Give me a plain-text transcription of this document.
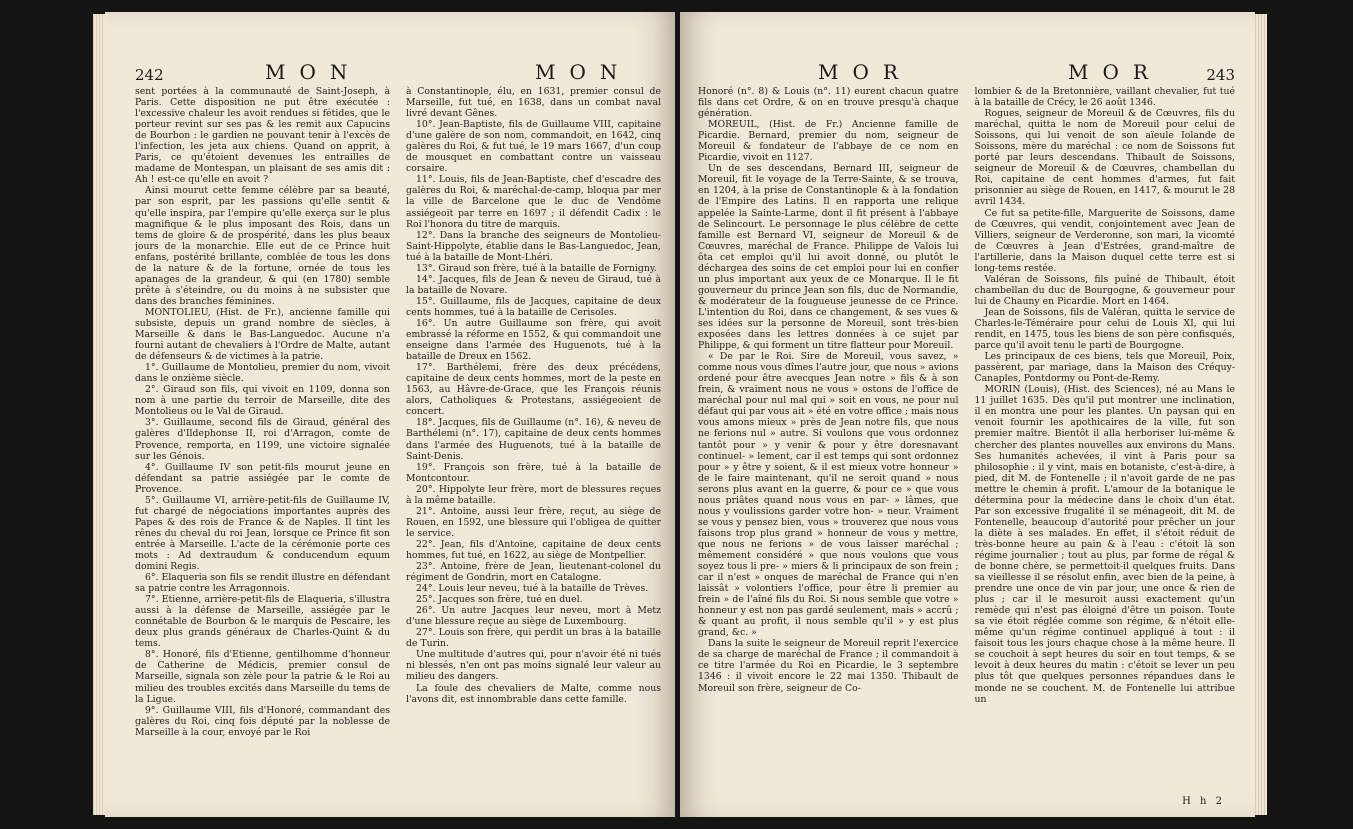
242	MON	MON

sent portées à la communauté de Saint-Joseph, à Paris. Cette disposition ne put être exécutée : l'excessive chaleur les avoit rendues si fétides, que le porteur revint sur ses pas & les remit aux Capucins de Bourbon : le gardien ne pouvant tenir à l'excès de l'infection, les jeta aux chiens. Quand on apprit, à Paris, ce qu'étoient devenues les entrailles de madame de Montespan, un plaisant de ses amis dit : Ah ! est-ce qu'elle en avoit ?

Ainsi mourut cette femme célèbre par sa beauté, par son esprit, par les passions qu'elle sentit & qu'elle inspira, par l'empire qu'elle exerça sur le plus magnifique & le plus imposant des Rois, dans un tems de gloire & de prospérité, dans les plus beaux jours de la monarchie. Elle eut de ce Prince huit enfans, postérité brillante, comblée de tous les dons de la nature & de la fortune, ornée de tous les apanages de la grandeur, & qui (en 1780) semble prête à s'éteindre, ou du moins à ne subsister que dans des branches féminines.

MONTOLIEU, (Hist. de Fr.), ancienne famille qui subsiste, depuis un grand nombre de siècles, à Marseille & dans le Bas-Languedoc. Aucune n'a fourni autant de chevaliers à l'Ordre de Malte, autant de défenseurs & de victimes à la patrie.

1°. Guillaume de Montolieu, premier du nom, vivoit dans le onzième siècle.

2°. Giraud son fils, qui vivoit en 1109, donna son nom à une partie du terroir de Marseille, dite des Montolieus ou le Val de Giraud.

3°. Guillaume, second fils de Giraud, général des galères d'Ildephonse II, roi d'Arragon, comte de Provence, remporta, en 1199, une victoire signalée sur les Génois.

4°. Guillaume IV son petit-fils mourut jeune en défendant sa patrie assiégée par le comte de Provence.

5°. Guillaume VI, arrière-petit-fils de Guillaume IV, fut chargé de négociations importantes auprès des Papes & des rois de France & de Naples. Il tint les rênes du cheval du roi Jean, lorsque ce Prince fit son entrée à Marseille. L'acte de la cérémonie porte ces mots : Ad dextraudum & conducendum equum domini Regis.

6°. Elaqueria son fils se rendit illustre en défendant sa patrie contre les Arragonnois.

7°. Etienne, arrière-petit-fils de Elaqueria, s'illustra aussi à la défense de Marseille, assiégée par le connétable de Bourbon & le marquis de Pescaire, les deux plus grands généraux de Charles-Quint & du tems.

8°. Honoré, fils d'Etienne, gentilhomme d'honneur de Catherine de Médicis, premier consul de Marseille, signala son zèle pour la patrie & le Roi au milieu des troubles excités dans Marseille du tems de la Ligue.

9°. Guillaume VIII, fils d'Honoré, commandant des galères du Roi, cinq fois député par la noblesse de Marseille à la cour, envoyé par le Roi

à Constantinople, élu, en 1631, premier consul de Marseille, fut tué, en 1638, dans un combat naval livré devant Gênes.

10°. Jean-Baptiste, fils de Guillaume VIII, capitaine d'une galère de son nom, commandoit, en 1642, cinq galères du Roi, & fut tué, le 19 mars 1667, d'un coup de mousquet en combattant contre un vaisseau corsaire.

11°. Louis, fils de Jean-Baptiste, chef d'escadre des galères du Roi, & maréchal-de-camp, bloqua par mer la ville de Barcelone que le duc de Vendôme assiégeoit par terre en 1697 ; il défendit Cadix : le Roi l'honora du titre de marquis.

12°. Dans la branche des seigneurs de Montolieu-Saint-Hippolyte, établie dans le Bas-Languedoc, Jean, tué à la bataille de Mont-Lhéri.

13°. Giraud son frère, tué à la bataille de Fornigny.

14°. Jacques, fils de Jean & neveu de Giraud, tué à la bataille de Novare.

15°. Guillaume, fils de Jacques, capitaine de deux cents hommes, tué à la bataille de Cerisoles.

16°. Un autre Guillaume son frère, qui avoit embrassé la réforme en 1552, & qui commandoit une enseigne dans l'armée des Huguenots, tué à la bataille de Dreux en 1562.

17°. Barthélemi, frère des deux précédens, capitaine de deux cents hommes, mort de la peste en 1563, au Hâvre-de-Grace, que les François réunis alors, Catholiques & Protestans, assiégeoient de concert.

18°. Jacques, fils de Guillaume (n°. 16), & neveu de Barthélemi (n°. 17), capitaine de deux cents hommes dans l'armée des Huguenots, tué à la bataille de Saint-Denis.

19°. François son frère, tué à la bataille de Montcontour.

20°. Hippolyte leur frère, mort de blessures reçues à la même bataille.

21°. Antoine, aussi leur frère, reçut, au siège de Rouen, en 1592, une blessure qui l'obligea de quitter le service.

22°. Jean, fils d'Antoine, capitaine de deux cents hommes, fut tué, en 1622, au siège de Montpellier.

23°. Antoine, frère de Jean, lieutenant-colonel du régiment de Gondrin, mort en Catalogne.

24°. Louis leur neveu, tué à la bataille de Trèves.

25°. Jacques son frère, tué en duel.

26°. Un autre Jacques leur neveu, mort à Metz d'une blessure reçue au siège de Luxembourg.

27°. Louis son frère, qui perdit un bras à la bataille de Turin.

Une multitude d'autres qui, pour n'avoir été ni tués ni blessés, n'en ont pas moins signalé leur valeur au milieu des dangers.

La foule des chevaliers de Malte, comme nous l'avons dit, est innombrable dans cette famille.

MOR	MOR	243

Honoré (n°. 8) & Louis (n°. 11) eurent chacun quatre fils dans cet Ordre, & on en trouve presqu'à chaque génération.

MOREUIL, (Hist. de Fr.) Ancienne famille de Picardie. Bernard, premier du nom, seigneur de Moreuil & fondateur de l'abbaye de ce nom en Picardie, vivoit en 1127.

Un de ses descendans, Bernard III, seigneur de Moreuil, fit le voyage de la Terre-Sainte, & se trouva, en 1204, à la prise de Constantinople & à la fondation de l'Empire des Latins. Il en rapporta une relique appelée la Sainte-Larme, dont il fit présent à l'abbaye de Selincourt. Le personnage le plus célèbre de cette famille est Bernard VI, seigneur de Moreuil & de Cœuvres, maréchal de France. Philippe de Valois lui ôta cet emploi qu'il lui avoit donné, ou plutôt le déchargea des soins de cet emploi pour lui en confier un plus important aux yeux de ce Monarque. Il le fit gouverneur du prince Jean son fils, duc de Normandie, & modérateur de la fougueuse jeunesse de ce Prince. L'intention du Roi, dans ce changement, & ses vues & ses idées sur la personne de Moreuil, sont très-bien exposées dans les lettres données à ce sujet par Philippe, & qui forment un titre flatteur pour Moreuil.

« De par le Roi. Sire de Moreuil, vous savez, » comme nous vous dîmes l'autre jour, que nous » avions ordené pour être avecques Jean notre » fils & à son frein, & vraiment nous ne vous » ostons de l'office de maréchal pour nul mal qui » soit en vous, ne pour nul défaut qui par vous ait » été en votre office ; mais nous vous amons mieux » près de Jean notre fils, que nous ne ferions nul » autre. Si voulons que vous ordonnez tantôt pour » y venir & pour y être doresnavant continuel- » lement, car il est temps qui sont ordonnez pour » y être y soient, & il est mieux votre honneur » de le faire maintenant, qu'il ne seroit quand » nous serons plus avant en la guerre, & pour ce » que vous nous priâtes quand nous vous en par- » lâmes, que nous y voulissions garder votre hon- » neur. Vraiment se vous y pensez bien, vous » trouverez que nous vous faisons trop plus grand » honneur de vous y mettre, que nous ne ferions » de vous laisser maréchal ; mêmement considéré » que nous voulons que vous soyez tous li pre- » miers & li principaux de son frein ; car il n'est » onques de maréchal de France qui n'en laissât » volontiers l'office, pour être li premier au frein » de l'aîné fils du Roi. Si nous semble que votre » honneur y est non pas gardé seulement, mais » accrû ; & quant au profit, il nous semble qu'il » y est plus grand, &c. »

Dans la suite le seigneur de Moreuil reprit l'exercice de sa charge de maréchal de France ; il commandoit à ce titre l'armée du Roi en Picardie, le 3 septembre 1346 : il vivoit encore le 22 mai 1350. Thibault de Moreuil son frère, seigneur de Co-

lombier & de la Bretonnière, vaillant chevalier, fut tué à la bataille de Crécy, le 26 août 1346.

Rogues, seigneur de Moreuil & de Cœuvres, fils du maréchal, quitta le nom de Moreuil pour celui de Soissons, qui lui venoit de son aïeule Iolande de Soissons, mère du maréchal : ce nom de Soissons fut porté par leurs descendans. Thibault de Soissons, seigneur de Moreuil & de Cœuvres, chambellan du Roi, capitaine de cent hommes d'armes, fut fait prisonnier au siège de Rouen, en 1417, & mourut le 28 avril 1434.

Ce fut sa petite-fille, Marguerite de Soissons, dame de Cœuvres, qui vendit, conjointement avec Jean de Villiers, seigneur de Verderonne, son mari, la vicomté de Cœuvres à Jean d'Estrées, grand-maître de l'artillerie, dans la Maison duquel cette terre est si long-tems restée.

Valéran de Soissons, fils puîné de Thibault, étoit chambellan du duc de Bourgogne, & gouverneur pour lui de Chauny en Picardie. Mort en 1464.

Jean de Soissons, fils de Valéran, quitta le service de Charles-le-Téméraire pour celui de Louis XI, qui lui rendit, en 1475, tous les biens de son père confisqués, parce qu'il avoit tenu le parti de Bourgogne.

Les principaux de ces biens, tels que Moreuil, Poix, passèrent, par mariage, dans la Maison des Créquy-Canaples, Pontdormy ou Pont-de-Remy.

MORIN (Louis), (Hist. des Sciences), né au Mans le 11 juillet 1635. Dès qu'il put montrer une inclination, il en montra une pour les plantes. Un paysan qui en venoit fournir les apothicaires de la ville, fut son premier maître. Bientôt il alla herboriser lui-même & chercher des plantes nouvelles aux environs du Mans. Ses humanités achevées, il vint à Paris pour sa philosophie : il y vint, mais en botaniste, c'est-à-dire, à pied, dit M. de Fontenelle ; il n'avoit garde de ne pas mettre le chemin à profit. L'amour de la botanique le détermina pour la médecine dans le choix d'un état. Par son excessive frugalité il se ménageoit, dit M. de Fontenelle, beaucoup d'autorité pour prêcher un jour la diète à ses malades. En effet, il s'étoit réduit de très-bonne heure au pain & à l'eau : c'étoit là son régime journalier ; tout au plus, par forme de régal & de bonne chère, se permettoit-il quelques fruits. Dans sa vieillesse il se résolut enfin, avec bien de la peine, à prendre une once de vin par jour, une once & rien de plus ; car il le mesuroit aussi exactement qu'un remède qui n'est pas éloigné d'être un poison. Toute sa vie étoit réglée comme son régime, & n'étoit elle-même qu'un régime continuel appliqué à tout : il faisoit tous les jours chaque chose à la même heure. Il se couchoit à sept heures du soir en tout temps, & se levoit à deux heures du matin : c'étoit se lever un peu plus tôt que quelques personnes répandues dans le monde ne se couchent. M. de Fontenelle lui attribue un

H h 2
